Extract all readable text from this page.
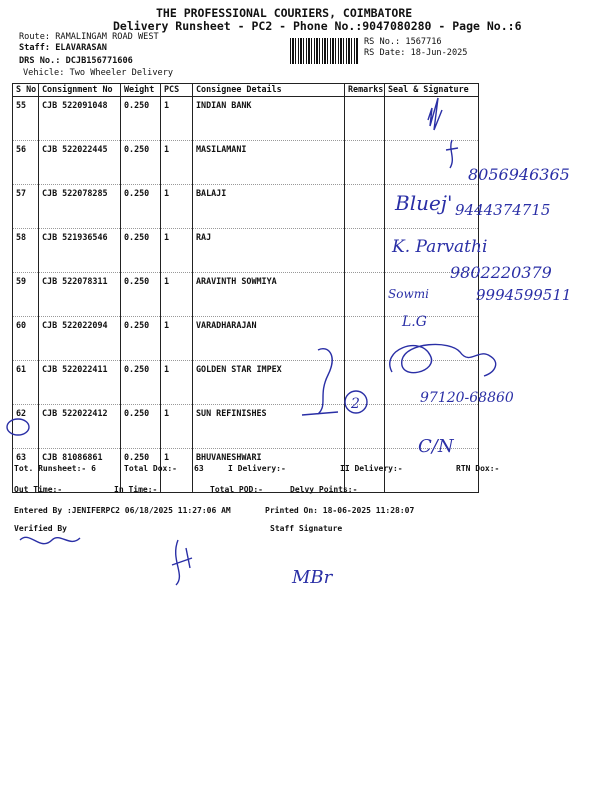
THE PROFESSIONAL COURIERS, COIMBATORE
Delivery Runsheet - PC2 - Phone No.:9047080280 - Page No.:6
Route: RAMALINGAM ROAD WEST
Staff: ELAVARASAN
DRS No.: DCJB156771606
Vehicle: Two Wheeler Delivery
RS No.: 1567716
RS Date: 18-Jun-2025
S No	Consignment No	Weight	PCS	Consignee Details	Remarks	Seal & Signature
55	CJB 522091048	0.250	1	INDIAN BANK		
56	CJB 522022445	0.250	1	MASILAMANI		
57	CJB 522078285	0.250	1	BALAJI		
58	CJB 521936546	0.250	1	RAJ		
59	CJB 522078311	0.250	1	ARAVINTH SOWMIYA		
60	CJB 522022094	0.250	1	VARADHARAJAN		
61	CJB 522022411	0.250	1	GOLDEN STAR IMPEX		
62	CJB 522022412	0.250	1	SUN REFINISHES		
63	CJB 81086861	0.250	1	BHUVANESHWARI		
8056946365
Bluej' 9444374715
K. Parvathi
9802220379
Sowmi	9994599511
L.G
97120-68860
2
C/N
MBr
Tot. Runsheet:- 6	Total Dox:- 63	I Delivery:-	II Delivery:-	RTN Dox:-
Out Time:-	In Time:-	Total POD:-	Delvy Points:-
Entered By :JENIFERPC2 06/18/2025 11:27:06 AM	Printed On: 18-06-2025 11:28:07
Verified By	Staff Signature
